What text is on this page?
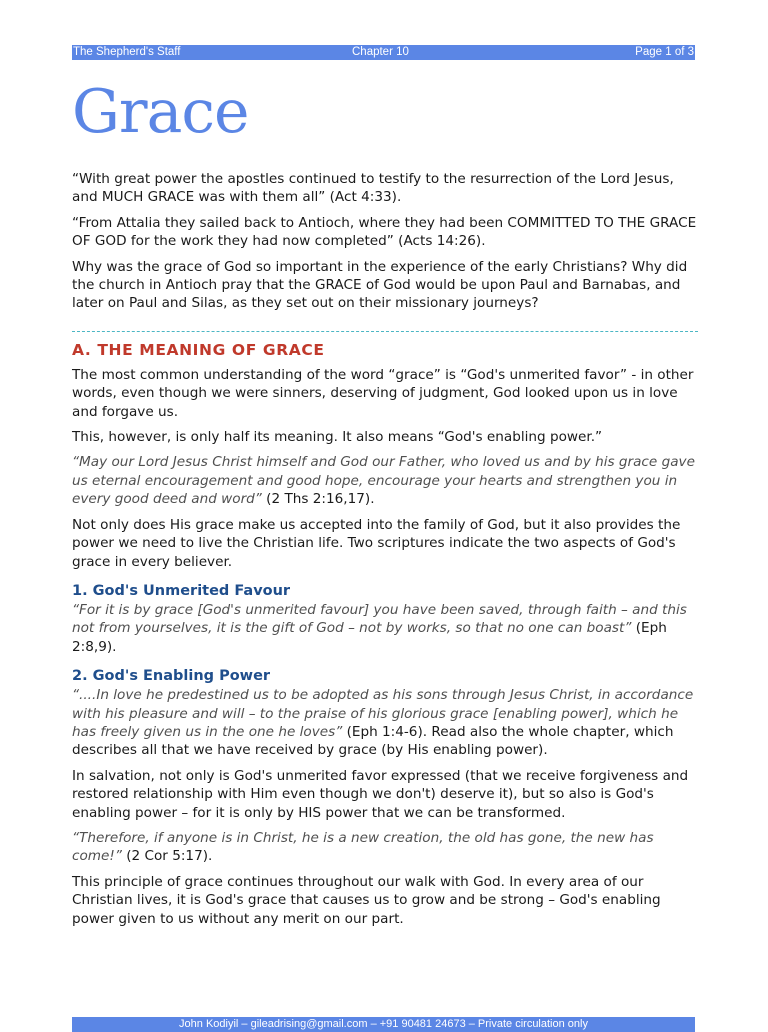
The Shepherd's Staff	Chapter 10	Page 1 of 3
Grace

“With great power the apostles continued to testify to the resurrection of the Lord Jesus, and MUCH GRACE was with them all” (Act 4:33).

“From Attalia they sailed back to Antioch, where they had been COMMITTED TO THE GRACE OF GOD for the work they had now completed” (Acts 14:26).

Why was the grace of God so important in the experience of the early Christians? Why did the church in Antioch pray that the GRACE of God would be upon Paul and Barnabas, and later on Paul and Silas, as they set out on their missionary journeys?

A. THE MEANING OF GRACE

The most common understanding of the word “grace” is “God's unmerited favor” - in other words, even though we were sinners, deserving of judgment, God looked upon us in love and forgave us.

This, however, is only half its meaning. It also means “God's enabling power.”

“May our Lord Jesus Christ himself and God our Father, who loved us and by his grace gave us eternal encouragement and good hope, encourage your hearts and strengthen you in every good deed and word” (2 Ths 2:16,17).

Not only does His grace make us accepted into the family of God, but it also provides the power we need to live the Christian life. Two scriptures indicate the two aspects of God's grace in every believer.

1. God's Unmerited Favour

“For it is by grace [God's unmerited favour] you have been saved, through faith – and this not from yourselves, it is the gift of God – not by works, so that no one can boast” (Eph 2:8,9).

2. God's Enabling Power

“....In love he predestined us to be adopted as his sons through Jesus Christ, in accordance with his pleasure and will – to the praise of his glorious grace [enabling power], which he has freely given us in the one he loves” (Eph 1:4-6). Read also the whole chapter, which describes all that we have received by grace (by His enabling power).

In salvation, not only is God's unmerited favor expressed (that we receive forgiveness and restored relationship with Him even though we don't) deserve it), but so also is God's enabling power – for it is only by HIS power that we can be transformed.

“Therefore, if anyone is in Christ, he is a new creation, the old has gone, the new has come!” (2 Cor 5:17).

This principle of grace continues throughout our walk with God. In every area of our Christian lives, it is God's grace that causes us to grow and be strong – God's enabling power given to us without any merit on our part.

John Kodiyil – gileadrising@gmail.com – +91 90481 24673 – Private circulation only
